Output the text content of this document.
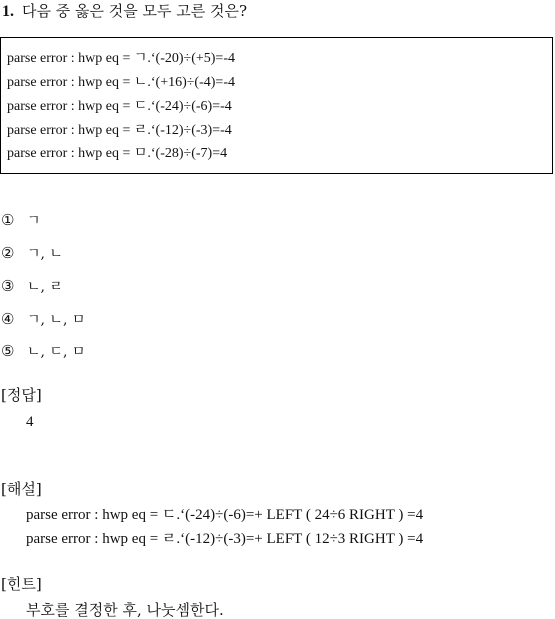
1. 다음 중 옳은 것을 모두 고른 것은?
parse error : hwp eq = ㄱ.‘(-20)÷(+5)=-4
parse error : hwp eq = ㄴ.‘(+16)÷(-4)=-4
parse error : hwp eq = ㄷ.‘(-24)÷(-6)=-4
parse error : hwp eq = ㄹ.‘(-12)÷(-3)=-4
parse error : hwp eq = ㅁ.‘(-28)÷(-7)=4
① ㄱ
② ㄱ, ㄴ
③ ㄴ, ㄹ
④ ㄱ, ㄴ, ㅁ
⑤ ㄴ, ㄷ, ㅁ
[정답]
4
[해설]
parse error : hwp eq = ㄷ.‘(-24)÷(-6)=+ LEFT ( 24÷6 RIGHT ) =4
parse error : hwp eq = ㄹ.‘(-12)÷(-3)=+ LEFT ( 12÷3 RIGHT ) =4
[힌트]
부호를 결정한 후, 나눗셈한다.
